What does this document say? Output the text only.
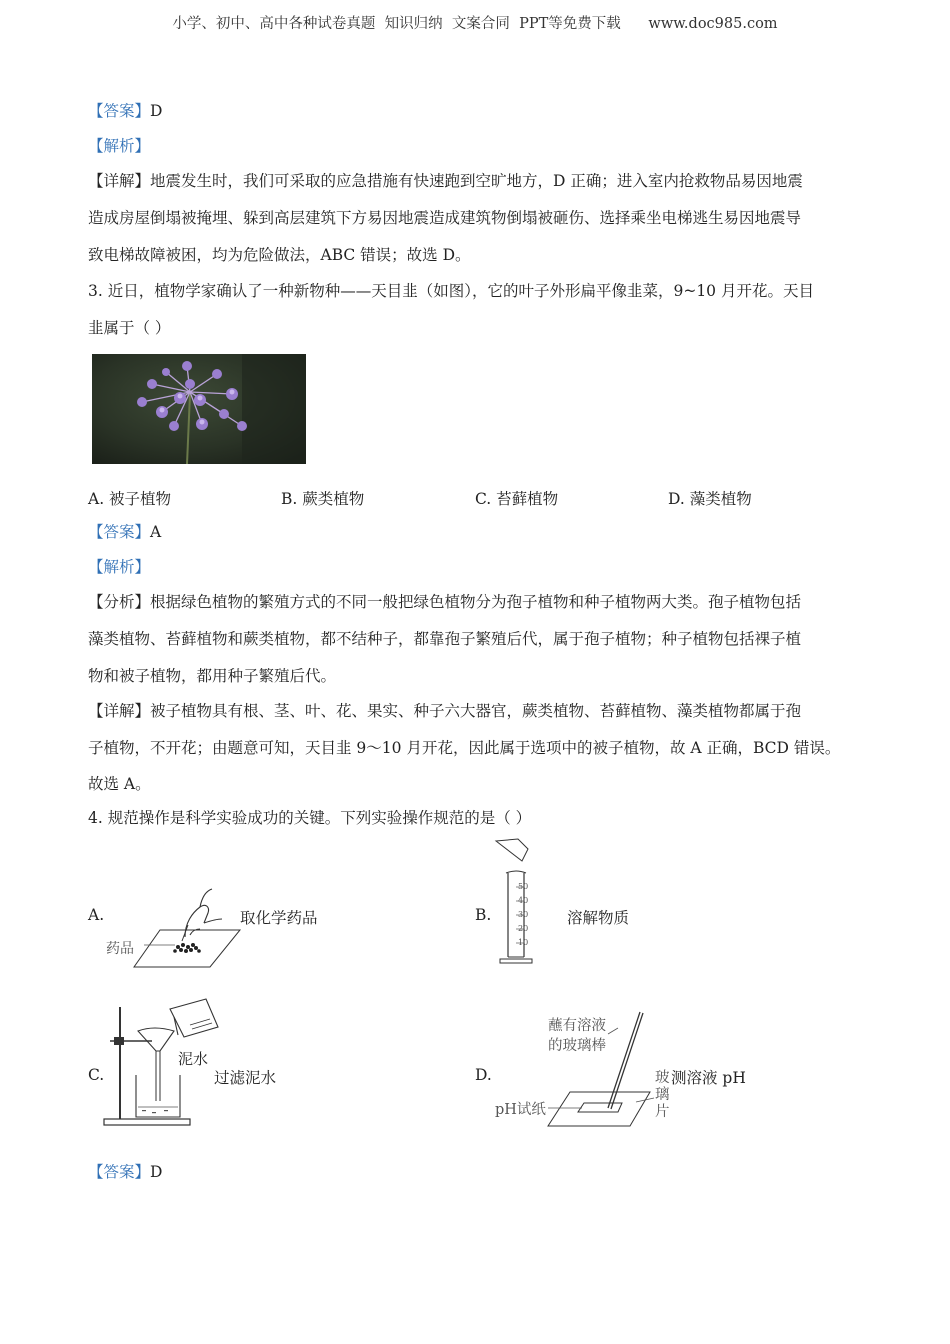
小学、初中、高中各种试卷真题  知识归纳  文案合同  PPT等免费下载      www.doc985.com
【答案】D
【解析】
【详解】地震发生时，我们可采取的应急措施有快速跑到空旷地方，D 正确；进入室内抢救物品易因地震
造成房屋倒塌被掩埋、躲到高层建筑下方易因地震造成建筑物倒塌被砸伤、选择乘坐电梯逃生易因地震导
致电梯故障被困，均为危险做法，ABC 错误；故选 D。
3. 近日，植物学家确认了一种新物种——天目韭（如图），它的叶子外形扁平像韭菜，9~10 月开花。天目
韭属于（ ）
A. 被子植物	B. 蕨类植物	C. 苔藓植物	D. 藻类植物
【答案】A
【解析】
【分析】根据绿色植物的繁殖方式的不同一般把绿色植物分为孢子植物和种子植物两大类。孢子植物包括
藻类植物、苔藓植物和蕨类植物，都不结种子，都靠孢子繁殖后代，属于孢子植物；种子植物包括裸子植
物和被子植物，都用种子繁殖后代。
【详解】被子植物具有根、茎、叶、花、果实、种子六大器官，蕨类植物、苔藓植物、藻类植物都属于孢
子植物，不开花；由题意可知，天目韭 9～10 月开花，因此属于选项中的被子植物，故 A 正确，BCD 错误。
故选 A。
4. 规范操作是科学实验成功的关键。下列实验操作规范的是（ ）
A.	取化学药品
药品
B.	溶解物质
50
40
30
20
10
C.	过滤泥水
泥水
D.	测溶液 pH
蘸有溶液
的玻璃棒
pH试纸
玻
璃
片
【答案】D
